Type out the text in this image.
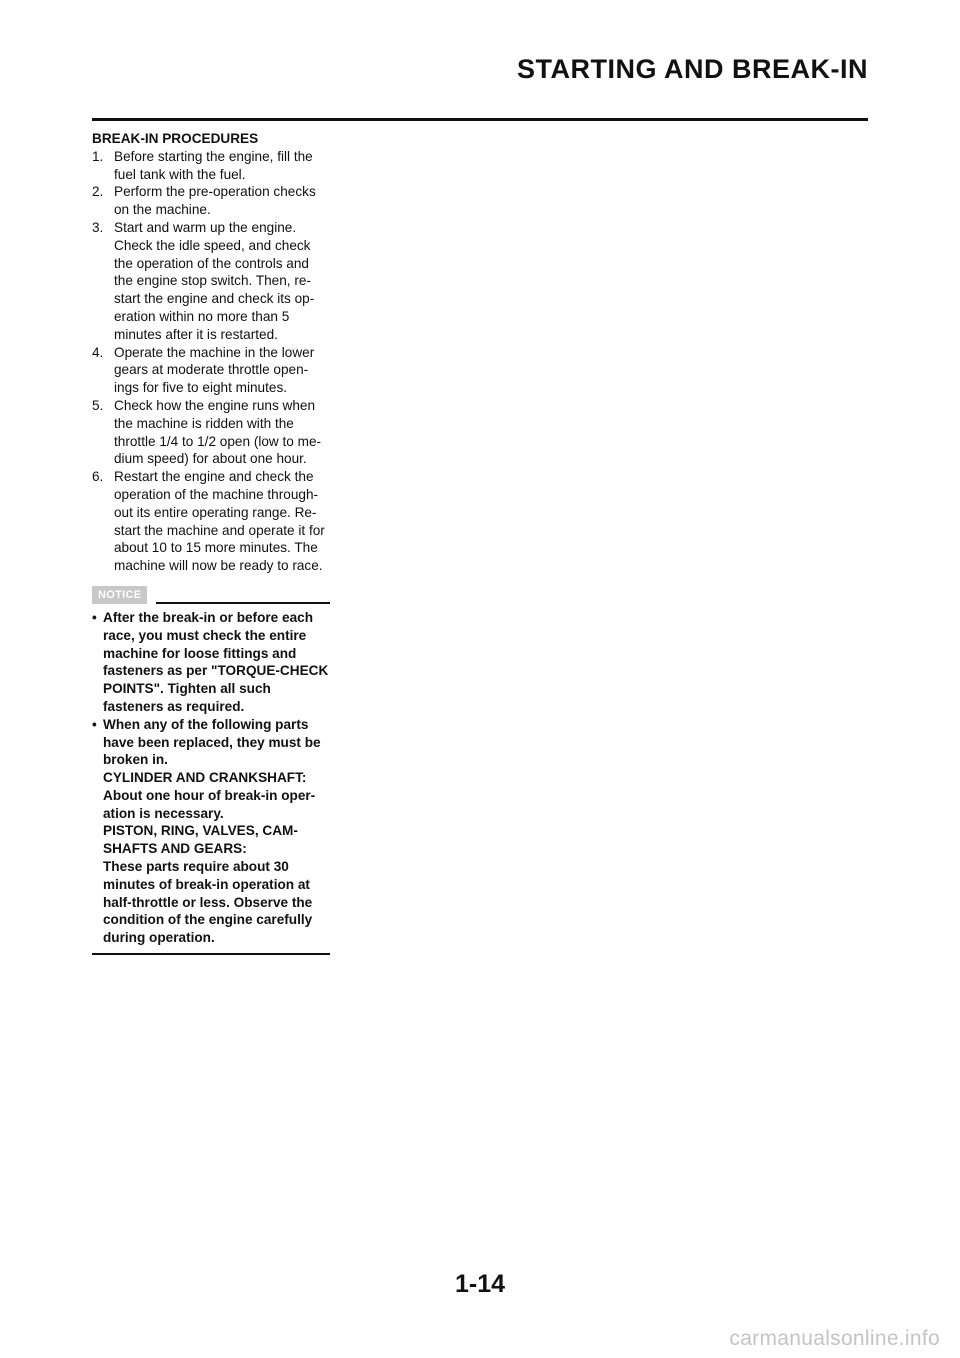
STARTING AND BREAK-IN

BREAK-IN PROCEDURES

1. Before starting the engine, fill the fuel tank with the fuel.
2. Perform the pre-operation checks on the machine.
3. Start and warm up the engine. Check the idle speed, and check the operation of the controls and the engine stop switch. Then, re-start the engine and check its op-eration within no more than 5 minutes after it is restarted.
4. Operate the machine in the lower gears at moderate throttle open-ings for five to eight minutes.
5. Check how the engine runs when the machine is ridden with the throttle 1/4 to 1/2 open (low to me-dium speed) for about one hour.
6. Restart the engine and check the operation of the machine through-out its entire operating range. Re-start the machine and operate it for about 10 to 15 more minutes. The machine will now be ready to race.
NOTICE
• After the break-in or before each race, you must check the entire machine for loose fittings and fasteners as per "TORQUE-CHECK POINTS". Tighten all such fasteners as required.
• When any of the following parts have been replaced, they must be broken in.
CYLINDER AND CRANKSHAFT:
About one hour of break-in oper-ation is necessary.
PISTON, RING, VALVES, CAM-SHAFTS AND GEARS:
These parts require about 30 minutes of break-in operation at half-throttle or less. Observe the condition of the engine carefully during operation.

1-14

carmanualsonline.info
